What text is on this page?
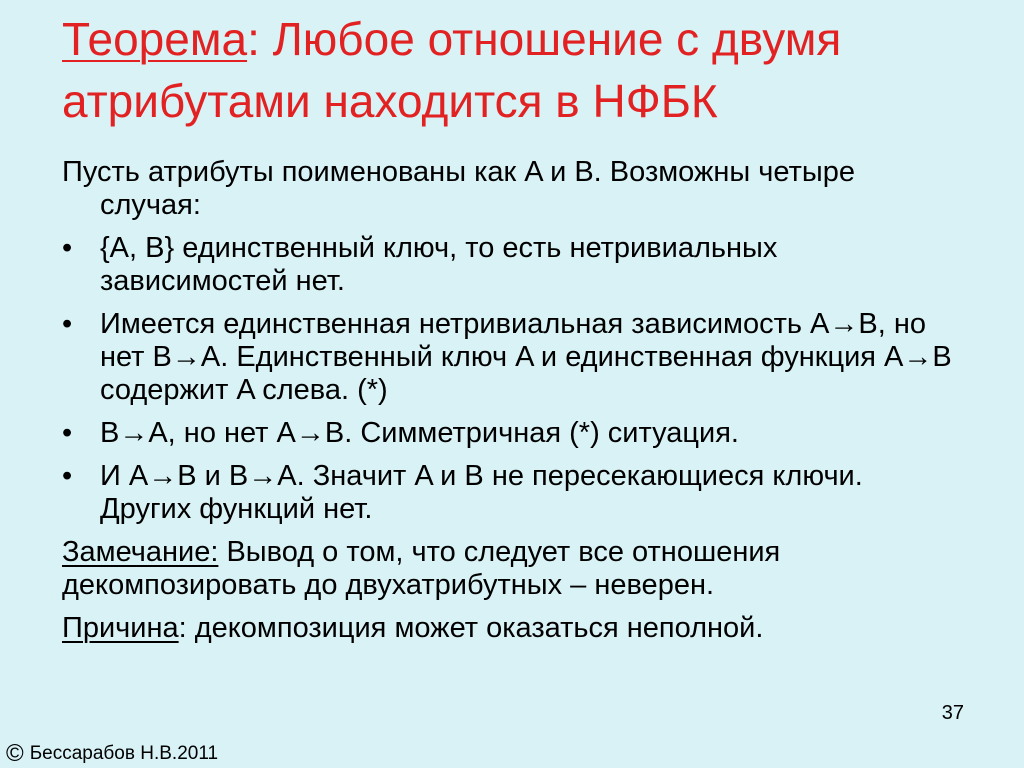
Теорема: Любое отношение с двумя атрибутами находится в НФБК

Пусть атрибуты поименованы как A и B. Возможны четыре случая:

• {A, B} единственный ключ, то есть нетривиальных зависимостей нет.
• Имеется единственная нетривиальная зависимость A→B, но нет B→A. Единственный ключ A и единственная функция A→B содержит A слева. (*)
• B→A, но нет A→B. Симметричная (*) ситуация.
• И A→B и B→A. Значит A и B не пересекающиеся ключи. Других функций нет.

Замечание: Вывод о том, что следует все отношения
декомпозировать до двухатрибутных – неверен.

Причина: декомпозиция может оказаться неполной.

37
© Бессарабов Н.В.2011
